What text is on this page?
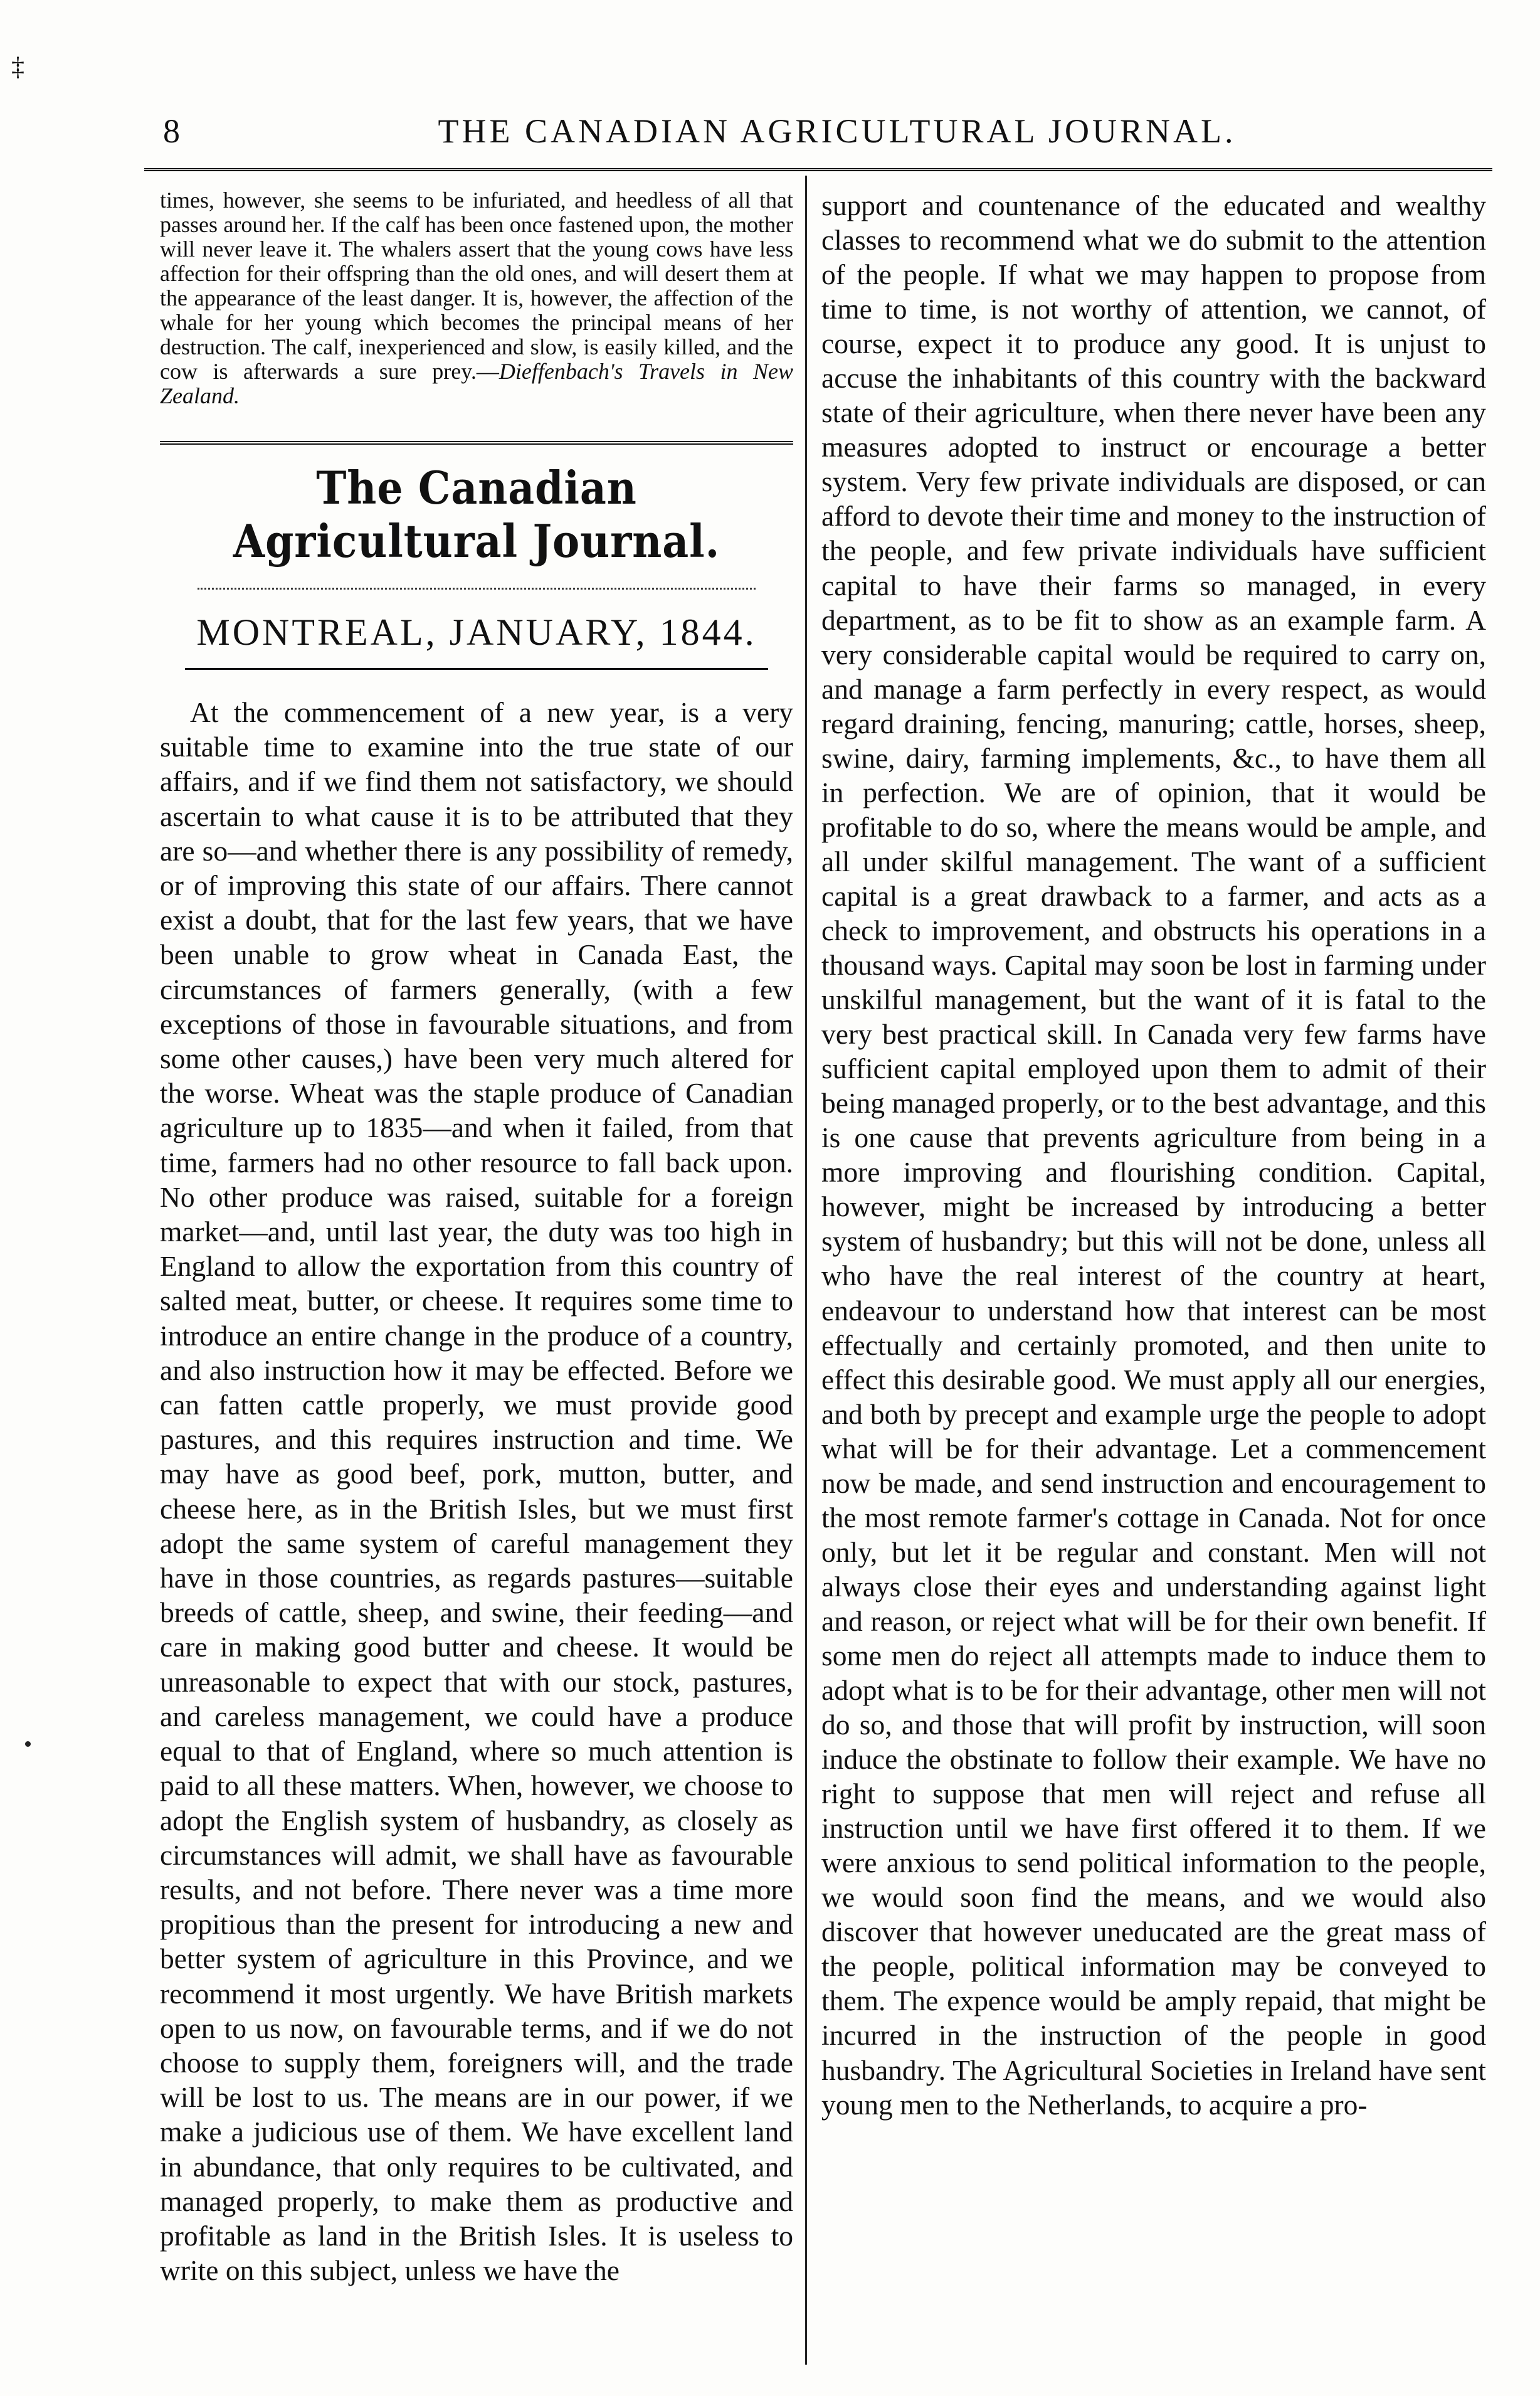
‡
8	THE CANADIAN AGRICULTURAL JOURNAL.

times, however, she seems to be infuriated, and heedless of all that passes around her. If the calf has been once fastened upon, the mother will never leave it. The whalers assert that the young cows have less affection for their offspring than the old ones, and will desert them at the appearance of the least danger. It is, however, the affection of the whale for her young which becomes the principal means of her destruction. The calf, inexperienced and slow, is easily killed, and the cow is afterwards a sure prey.—Dieffenbach's Travels in New Zealand.

The Canadian Agricultural Journal.
MONTREAL, JANUARY, 1844.

At the commencement of a new year, is a very suitable time to examine into the true state of our affairs, and if we find them not satisfactory, we should ascertain to what cause it is to be attributed that they are so—and whether there is any possibility of remedy, or of improving this state of our affairs. There cannot exist a doubt, that for the last few years, that we have been unable to grow wheat in Canada East, the circumstances of farmers generally, (with a few exceptions of those in favourable situations, and from some other causes,) have been very much altered for the worse. Wheat was the staple produce of Canadian agriculture up to 1835—and when it failed, from that time, farmers had no other resource to fall back upon. No other produce was raised, suitable for a foreign market—and, until last year, the duty was too high in England to allow the exportation from this country of salted meat, butter, or cheese. It requires some time to introduce an entire change in the produce of a country, and also instruction how it may be effected. Before we can fatten cattle properly, we must provide good pastures, and this requires instruction and time. We may have as good beef, pork, mutton, butter, and cheese here, as in the British Isles, but we must first adopt the same system of careful management they have in those countries, as regards pastures—suitable breeds of cattle, sheep, and swine, their feeding—and care in making good butter and cheese. It would be unreasonable to expect that with our stock, pastures, and careless management, we could have a produce equal to that of England, where so much attention is paid to all these matters. When, however, we choose to adopt the English system of husbandry, as closely as circumstances will admit, we shall have as favourable results, and not before. There never was a time more propitious than the present for introducing a new and better system of agriculture in this Province, and we recommend it most urgently. We have British markets open to us now, on favourable terms, and if we do not choose to supply them, foreigners will, and the trade will be lost to us. The means are in our power, if we make a judicious use of them. We have excellent land in abundance, that only requires to be cultivated, and managed properly, to make them as productive and profitable as land in the British Isles. It is useless to write on this subject, unless we have the

support and countenance of the educated and wealthy classes to recommend what we do submit to the attention of the people. If what we may happen to propose from time to time, is not worthy of attention, we cannot, of course, expect it to produce any good. It is unjust to accuse the inhabitants of this country with the backward state of their agriculture, when there never have been any measures adopted to instruct or encourage a better system. Very few private individuals are disposed, or can afford to devote their time and money to the instruction of the people, and few private individuals have sufficient capital to have their farms so managed, in every department, as to be fit to show as an example farm. A very considerable capital would be required to carry on, and manage a farm perfectly in every respect, as would regard draining, fencing, manuring; cattle, horses, sheep, swine, dairy, farming implements, &c., to have them all in perfection. We are of opinion, that it would be profitable to do so, where the means would be ample, and all under skilful management. The want of a sufficient capital is a great drawback to a farmer, and acts as a check to improvement, and obstructs his operations in a thousand ways. Capital may soon be lost in farming under unskilful management, but the want of it is fatal to the very best practical skill. In Canada very few farms have sufficient capital employed upon them to admit of their being managed properly, or to the best advantage, and this is one cause that prevents agriculture from being in a more improving and flourishing condition. Capital, however, might be increased by introducing a better system of husbandry; but this will not be done, unless all who have the real interest of the country at heart, endeavour to understand how that interest can be most effectually and certainly promoted, and then unite to effect this desirable good. We must apply all our energies, and both by precept and example urge the people to adopt what will be for their advantage. Let a commencement now be made, and send instruction and encouragement to the most remote farmer's cottage in Canada. Not for once only, but let it be regular and constant. Men will not always close their eyes and understanding against light and reason, or reject what will be for their own benefit. If some men do reject all attempts made to induce them to adopt what is to be for their advantage, other men will not do so, and those that will profit by instruction, will soon induce the obstinate to follow their example. We have no right to suppose that men will reject and refuse all instruction until we have first offered it to them. If we were anxious to send political information to the people, we would soon find the means, and we would also discover that however uneducated are the great mass of the people, political information may be conveyed to them. The expence would be amply repaid, that might be incurred in the instruction of the people in good husbandry. The Agricultural Societies in Ireland have sent young men to the Netherlands, to acquire a pro-
